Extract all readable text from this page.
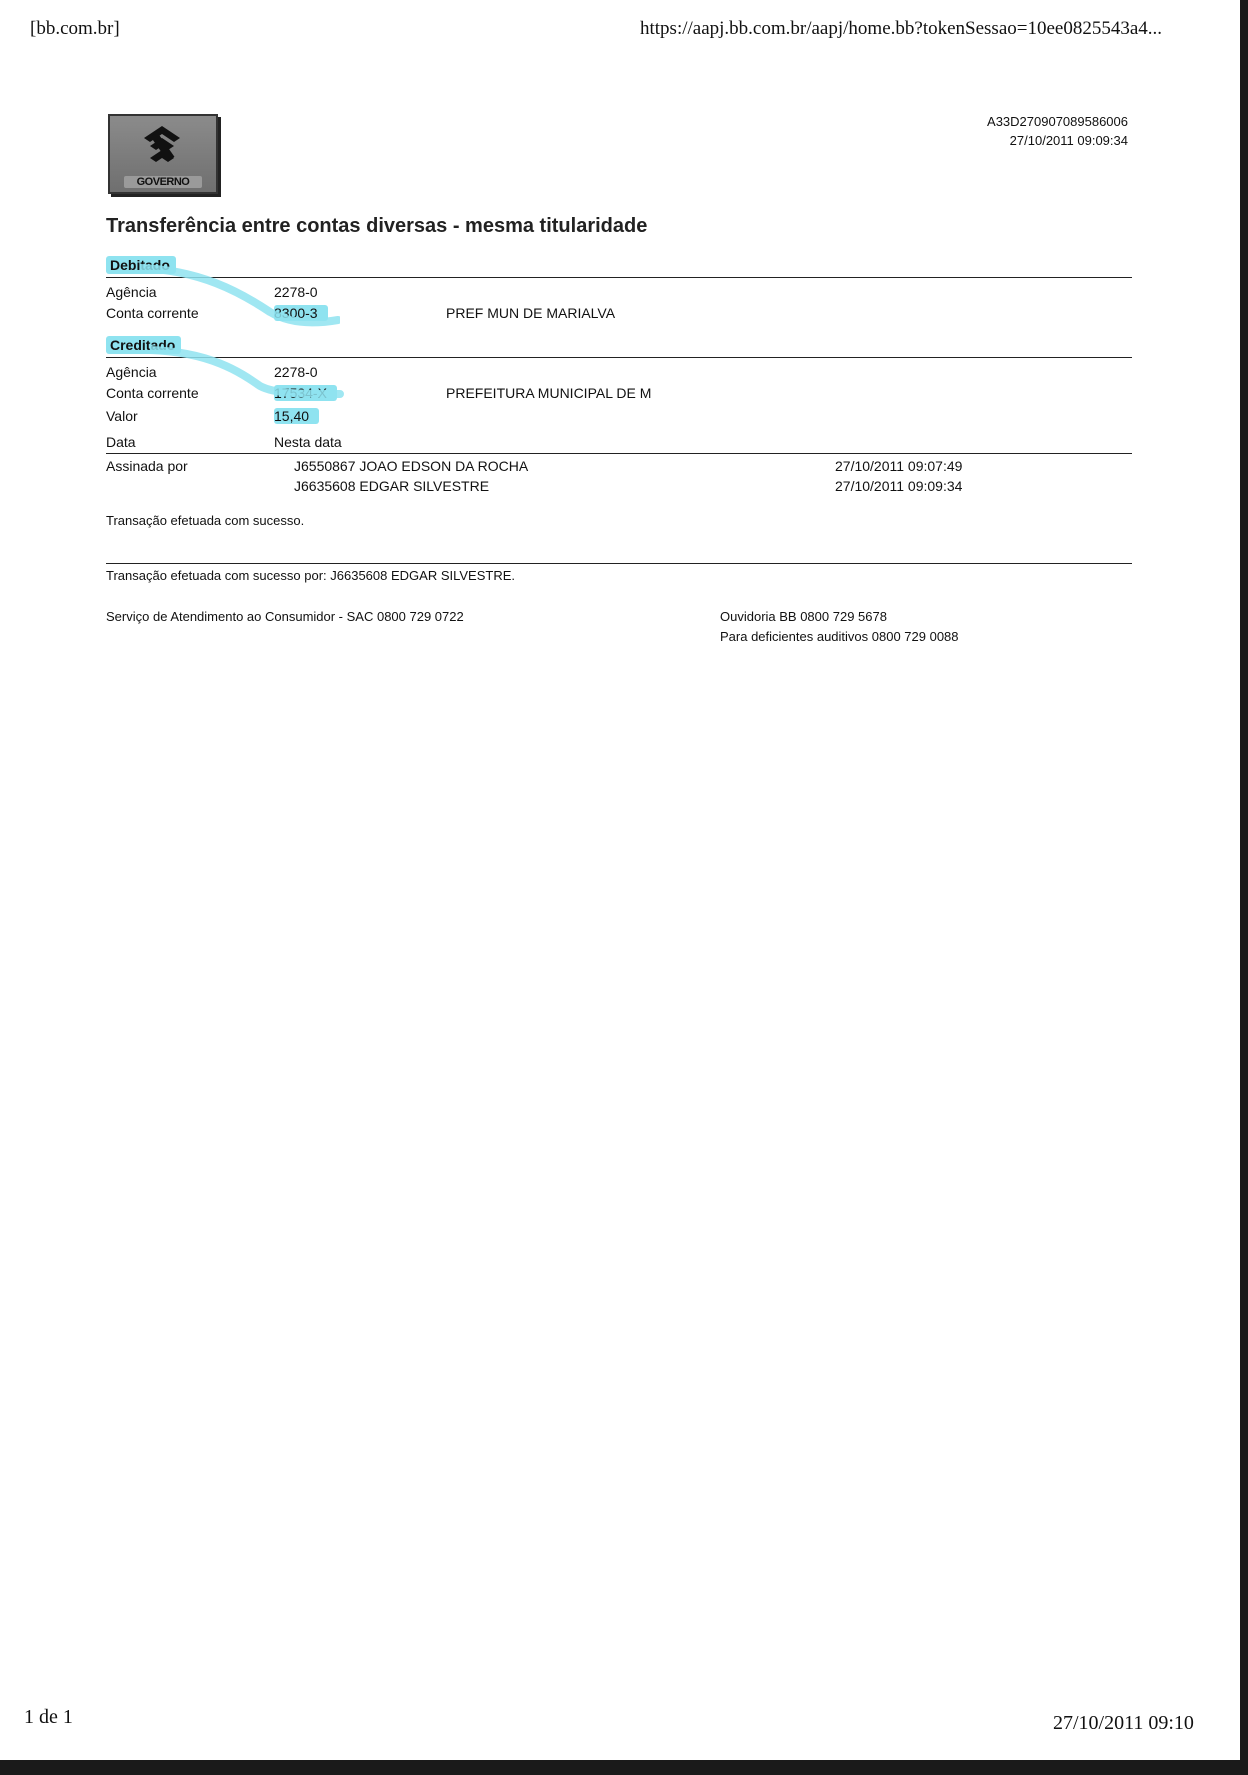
[bb.com.br]	https://aapj.bb.com.br/aapj/home.bb?tokenSessao=10ee0825543a4...
GOVERNO
A33D270907089586006
27/10/2011 09:09:34
Transferência entre contas diversas - mesma titularidade
Debitado
Agência	2278-0
Conta corrente	8300-3	PREF MUN DE MARIALVA
Creditado
Agência	2278-0
Conta corrente	17534-X	PREFEITURA MUNICIPAL DE M
Valor	15,40
Data	Nesta data
Assinada por	J6550867 JOAO EDSON DA ROCHA	27/10/2011 09:07:49
J6635608 EDGAR SILVESTRE	27/10/2011 09:09:34
Transação efetuada com sucesso.
Transação efetuada com sucesso por: J6635608 EDGAR SILVESTRE.
Serviço de Atendimento ao Consumidor - SAC 0800 729 0722	Ouvidoria BB 0800 729 5678
Para deficientes auditivos 0800 729 0088
1 de 1	27/10/2011 09:10
